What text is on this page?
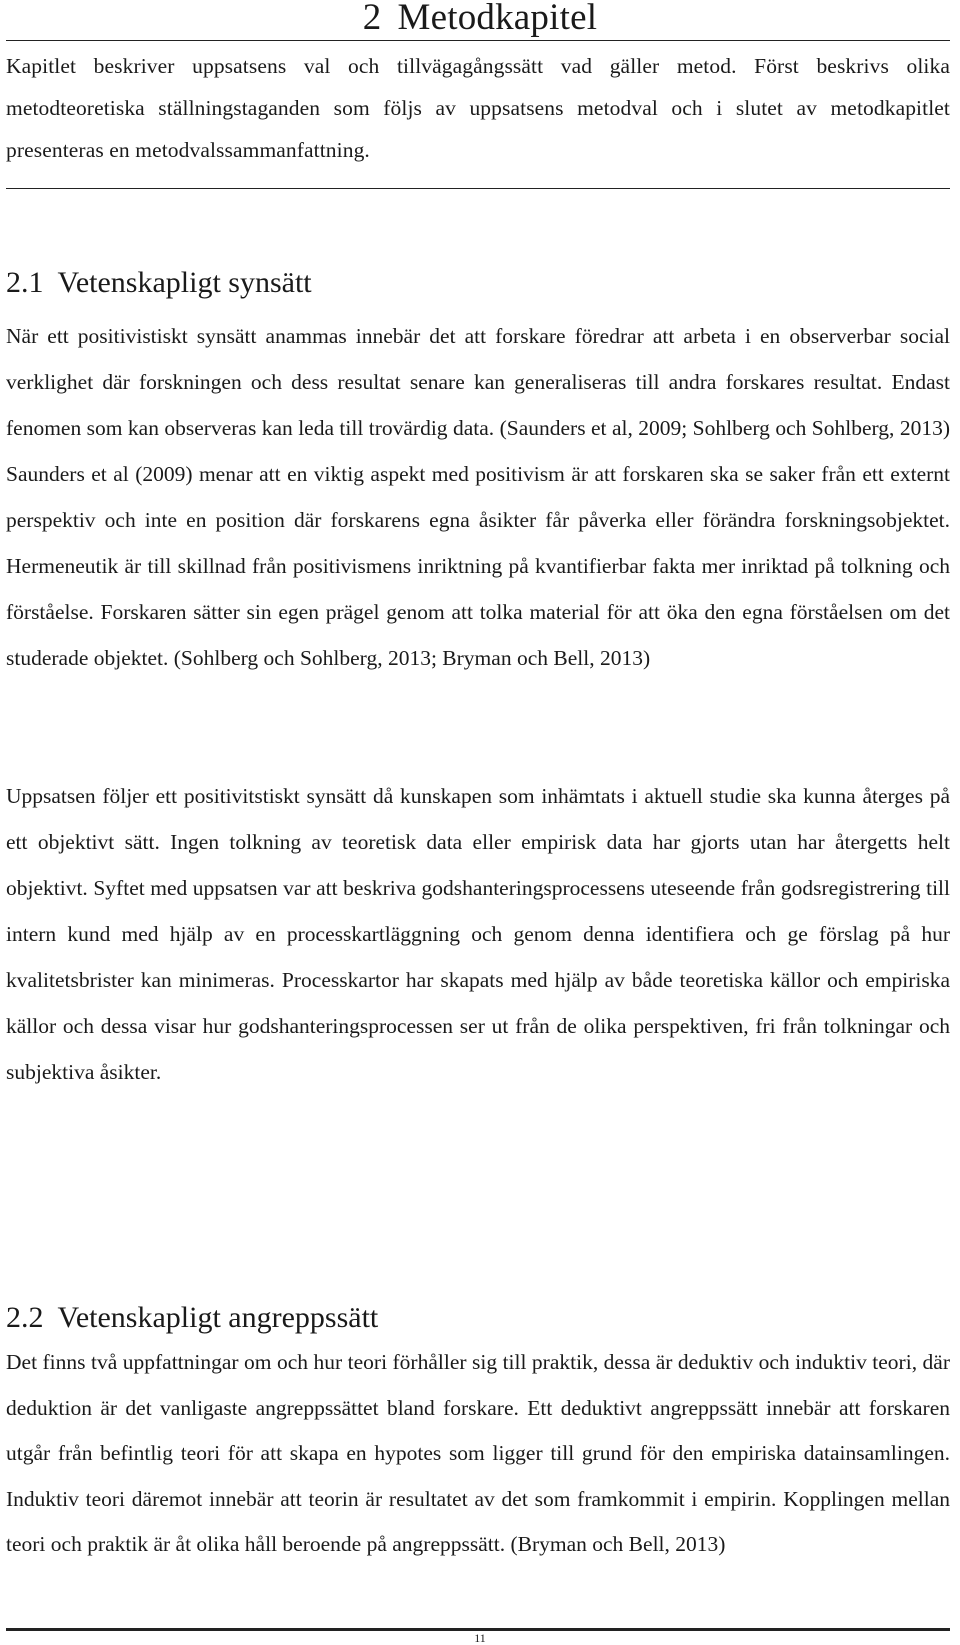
2 Metodkapitel

Kapitlet beskriver uppsatsens val och tillvägagångssätt vad gäller metod. Först beskrivs olika metodteoretiska ställningstaganden som följs av uppsatsens metodval och i slutet av metodkapitlet presenteras en metodvalssammanfattning.

2.1 Vetenskapligt synsätt

När ett positivistiskt synsätt anammas innebär det att forskare föredrar att arbeta i en observerbar social verklighet där forskningen och dess resultat senare kan generaliseras till andra forskares resultat. Endast fenomen som kan observeras kan leda till trovärdig data. (Saunders et al, 2009; Sohlberg och Sohlberg, 2013) Saunders et al (2009) menar att en viktig aspekt med positivism är att forskaren ska se saker från ett externt perspektiv och inte en position där forskarens egna åsikter får påverka eller förändra forskningsobjektet. Hermeneutik är till skillnad från positivismens inriktning på kvantifierbar fakta mer inriktad på tolkning och förståelse. Forskaren sätter sin egen prägel genom att tolka material för att öka den egna förståelsen om det studerade objektet. (Sohlberg och Sohlberg, 2013; Bryman och Bell, 2013)

Uppsatsen följer ett positivitstiskt synsätt då kunskapen som inhämtats i aktuell studie ska kunna återges på ett objektivt sätt. Ingen tolkning av teoretisk data eller empirisk data har gjorts utan har återgetts helt objektivt. Syftet med uppsatsen var att beskriva godshanteringsprocessens uteseende från godsregistrering till intern kund med hjälp av en processkartläggning och genom denna identifiera och ge förslag på hur kvalitetsbrister kan minimeras. Processkartor har skapats med hjälp av både teoretiska källor och empiriska källor och dessa visar hur godshanteringsprocessen ser ut från de olika perspektiven, fri från tolkningar och subjektiva åsikter.

2.2 Vetenskapligt angreppssätt

Det finns två uppfattningar om och hur teori förhåller sig till praktik, dessa är deduktiv och induktiv teori, där deduktion är det vanligaste angreppssättet bland forskare. Ett deduktivt angreppssätt innebär att forskaren utgår från befintlig teori för att skapa en hypotes som ligger till grund för den empiriska datainsamlingen. Induktiv teori däremot innebär att teorin är resultatet av det som framkommit i empirin. Kopplingen mellan teori och praktik är åt olika håll beroende på angreppssätt. (Bryman och Bell, 2013)

11
